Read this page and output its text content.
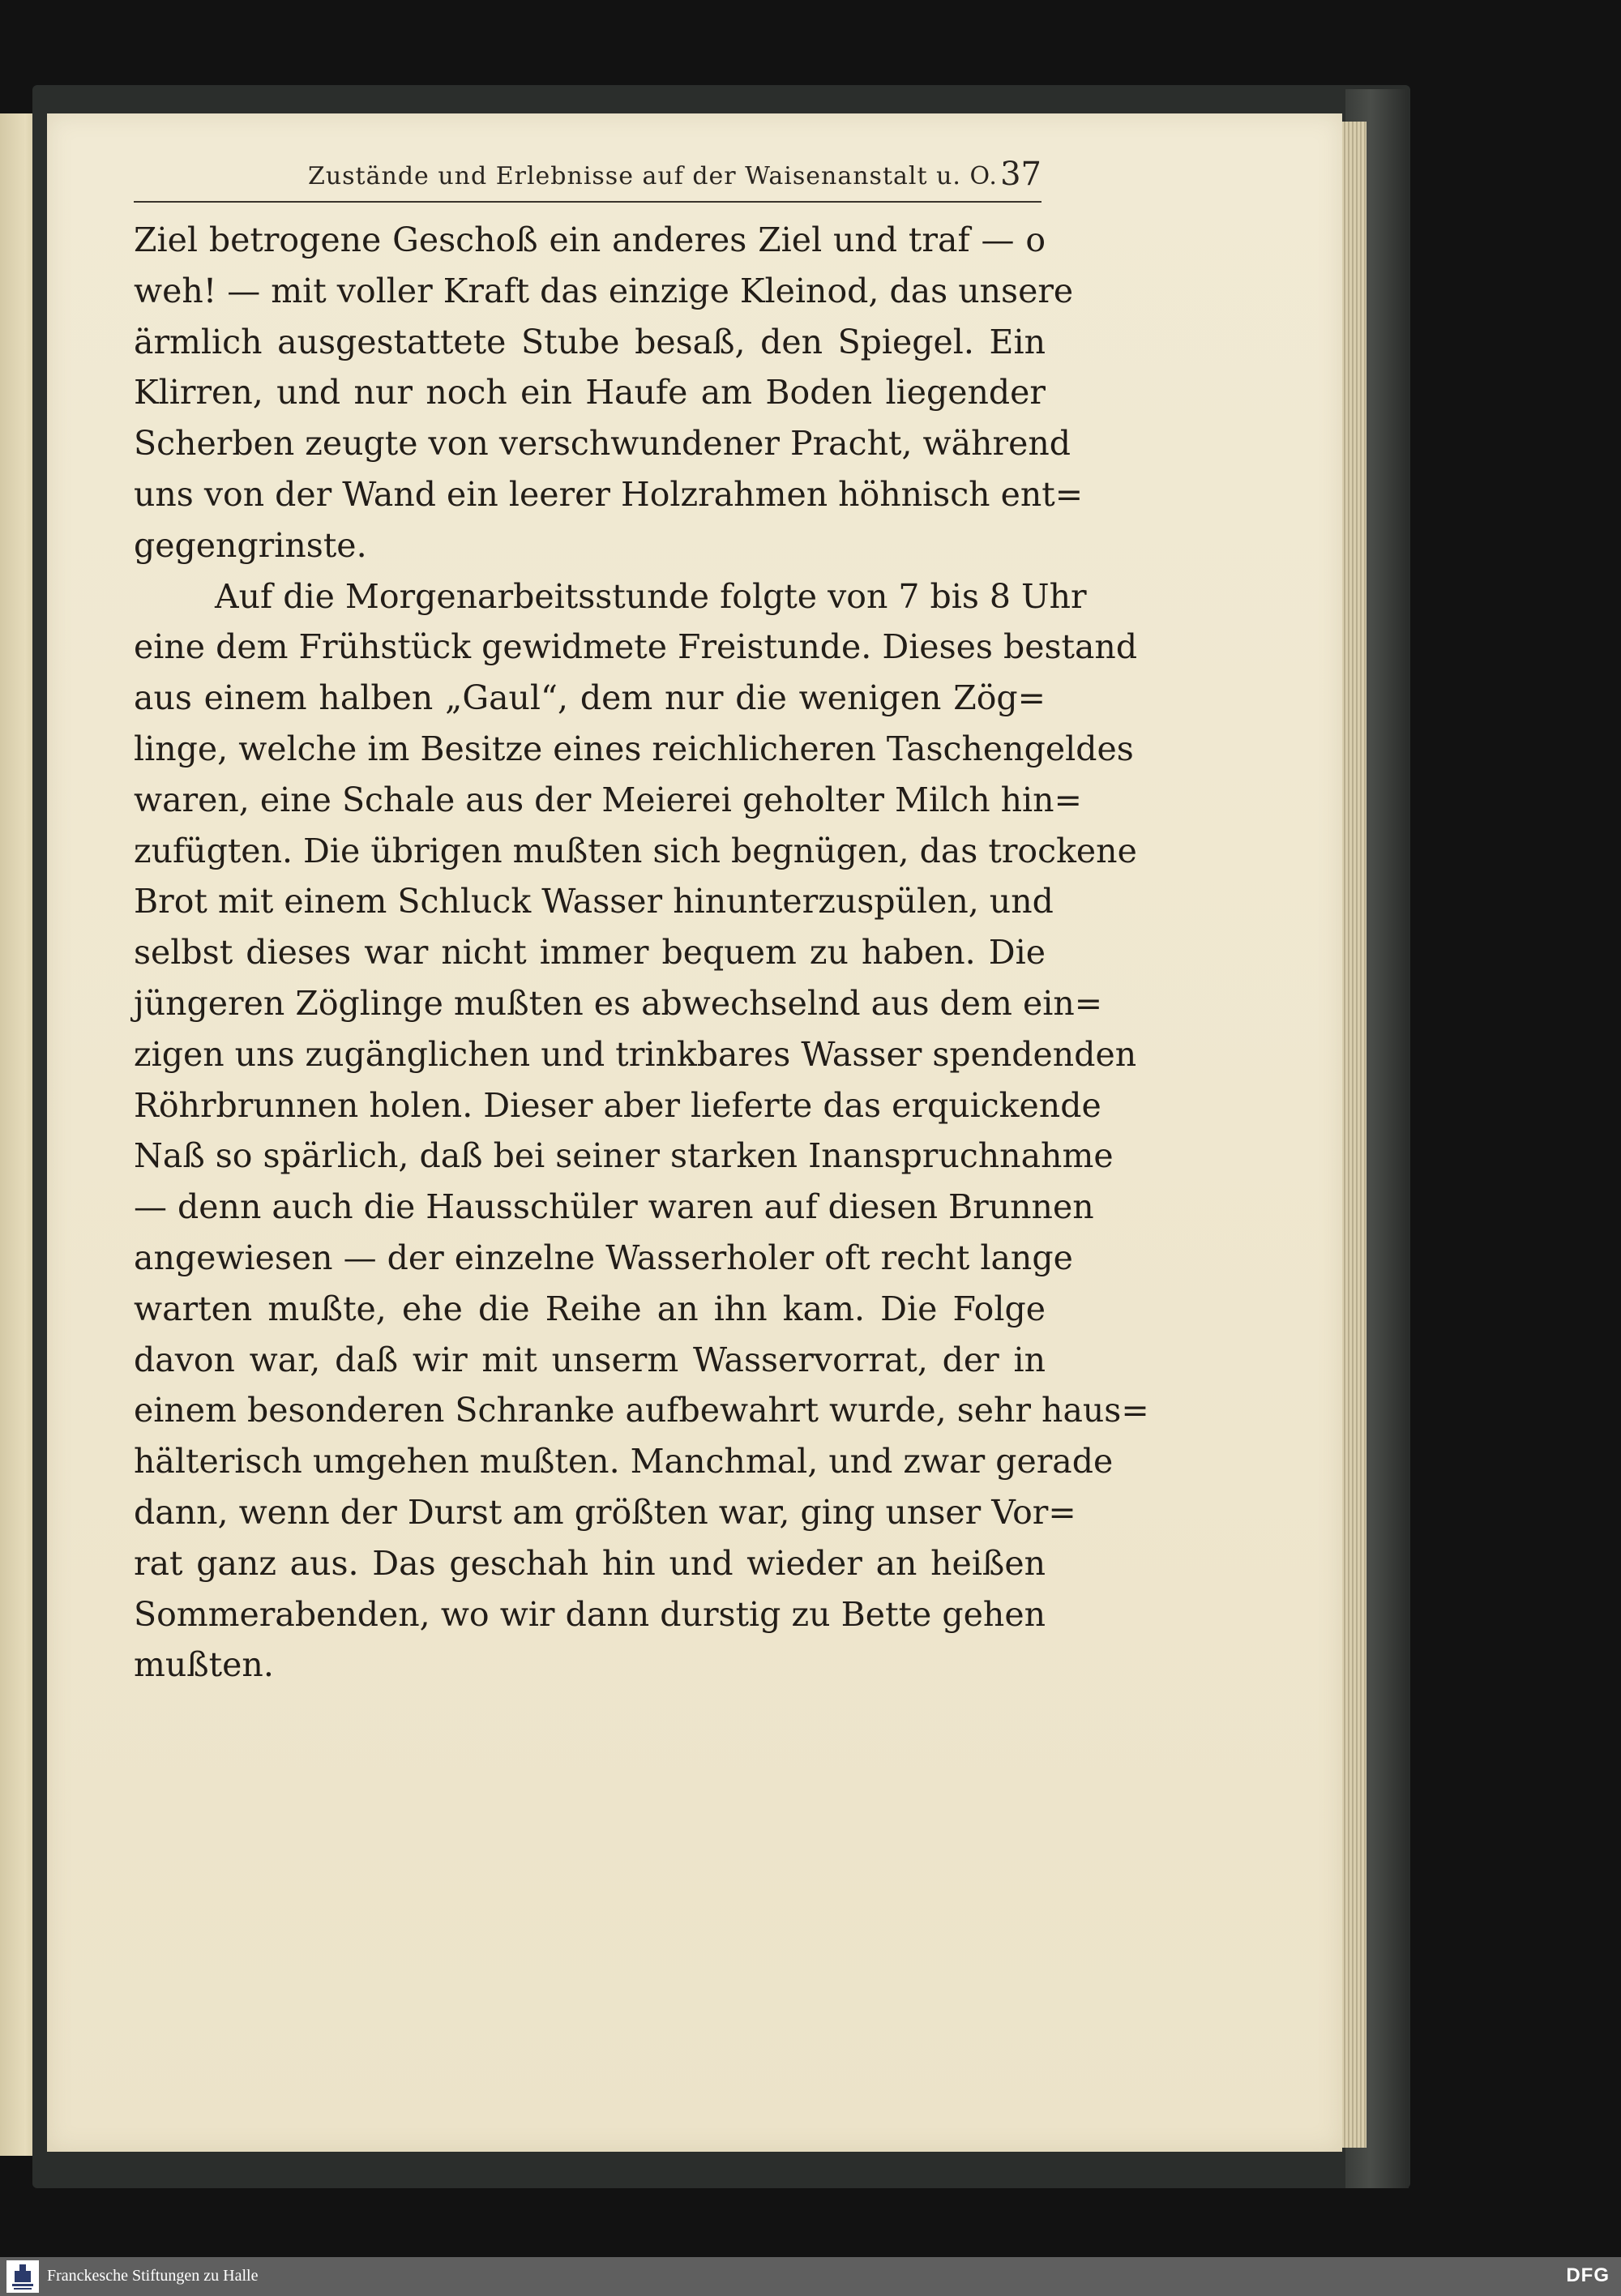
Zustände und Erlebnisse auf der Waisenanstalt u. O. 37
Ziel betrogene Geschoß ein anderes Ziel und traf — o
weh! — mit voller Kraft das einzige Kleinod, das unsere
ärmlich ausgestattete Stube besaß, den Spiegel. Ein
Klirren, und nur noch ein Haufe am Boden liegender
Scherben zeugte von verschwundener Pracht, während
uns von der Wand ein leerer Holzrahmen höhnisch ent=
gegengrinste.
Auf die Morgenarbeitsstunde folgte von 7 bis 8 Uhr
eine dem Frühstück gewidmete Freistunde. Dieses bestand
aus einem halben „Gaul“, dem nur die wenigen Zög=
linge, welche im Besitze eines reichlicheren Taschengeldes
waren, eine Schale aus der Meierei geholter Milch hin=
zufügten. Die übrigen mußten sich begnügen, das trockene
Brot mit einem Schluck Wasser hinunterzuspülen, und
selbst dieses war nicht immer bequem zu haben. Die
jüngeren Zöglinge mußten es abwechselnd aus dem ein=
zigen uns zugänglichen und trinkbares Wasser spendenden
Röhrbrunnen holen. Dieser aber lieferte das erquickende
Naß so spärlich, daß bei seiner starken Inanspruchnahme
— denn auch die Hausschüler waren auf diesen Brunnen
angewiesen — der einzelne Wasserholer oft recht lange
warten mußte, ehe die Reihe an ihn kam. Die Folge
davon war, daß wir mit unserm Wasservorrat, der in
einem besonderen Schranke aufbewahrt wurde, sehr haus=
hälterisch umgehen mußten. Manchmal, und zwar gerade
dann, wenn der Durst am größten war, ging unser Vor=
rat ganz aus. Das geschah hin und wieder an heißen
Sommerabenden, wo wir dann durstig zu Bette gehen
mußten.
Franckesche Stiftungen zu Halle	DFG
